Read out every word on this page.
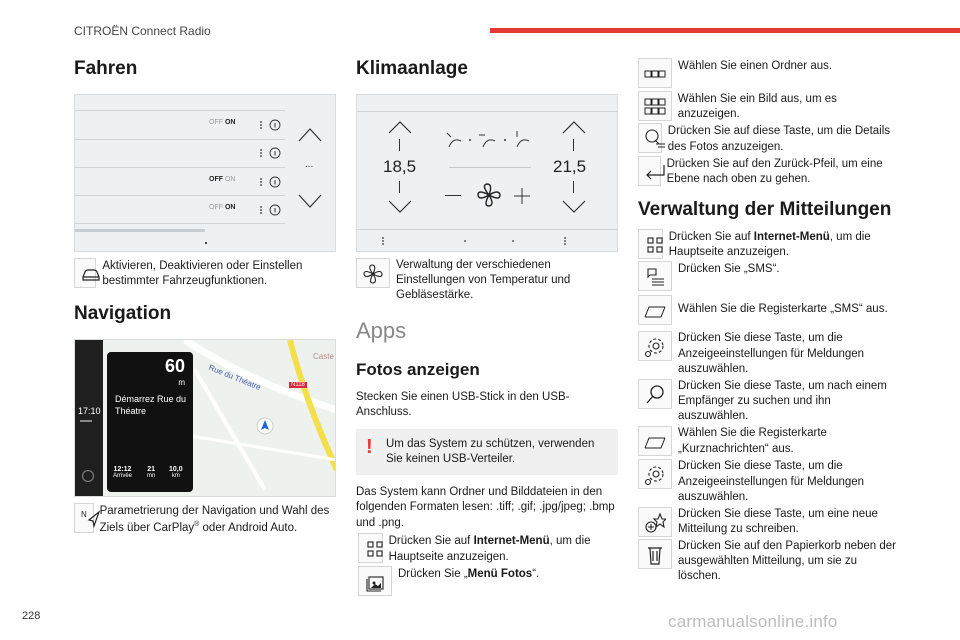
CITROËN Connect Radio
Fahren
OFF ON
OFF ON
OFF ON
...
Aktivieren, Deaktivieren oder Einstellen bestimmter Fahrzeugfunktionen.
Navigation
Rue du Théatre	N118
Caste
17:10
60
m
Démarrez Rue du Théatre
12:12
Arrivée
21
mn
10,0
km
N Parametrierung der Navigation und Wahl des Ziels über CarPlay® oder Android Auto.
Klimaanlage
18,5	21,5
Verwaltung der verschiedenen Einstellungen von Temperatur und Gebläsestärke.
Apps
Fotos anzeigen

Stecken Sie einen USB-Stick in den USB-Anschluss.

! Um das System zu schützen, verwenden Sie keinen USB-Verteiler.

Das System kann Ordner und Bilddateien in den folgenden Formaten lesen: .tiff; .gif; .jpg/jpeg; .bmp und .png.

Drücken Sie auf Internet-Menü, um die Hauptseite anzuzeigen.
Drücken Sie „Menü Fotos“.
Wählen Sie einen Ordner aus.
Wählen Sie ein Bild aus, um es anzuzeigen.
Drücken Sie auf diese Taste, um die Details des Fotos anzuzeigen.
Drücken Sie auf den Zurück-Pfeil, um eine Ebene nach oben zu gehen.
Verwaltung der Mitteilungen
Drücken Sie auf Internet-Menü, um die Hauptseite anzuzeigen.
Drücken Sie „SMS“.
Wählen Sie die Registerkarte „SMS“ aus.
Drücken Sie diese Taste, um die Anzeigeeinstellungen für Meldungen auszuwählen.
Drücken Sie diese Taste, um nach einem Empfänger zu suchen und ihn auszuwählen.
Wählen Sie die Registerkarte „Kurznachrichten“ aus.
Drücken Sie diese Taste, um die Anzeigeeinstellungen für Meldungen auszuwählen.
Drücken Sie diese Taste, um eine neue Mitteilung zu schreiben.
Drücken Sie auf den Papierkorb neben der ausgewählten Mitteilung, um sie zu löschen.
228	carmanualsonline.info
